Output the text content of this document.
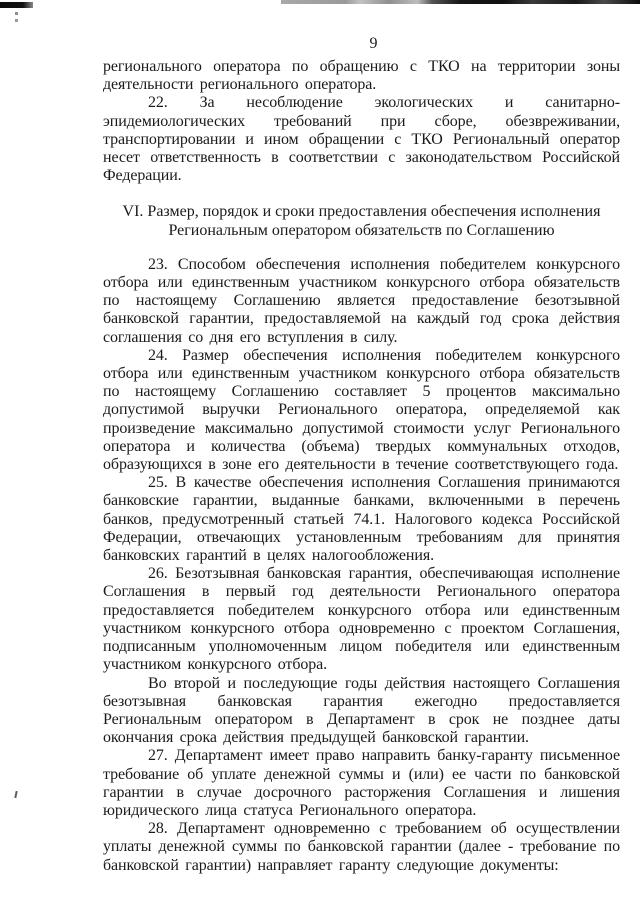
9

регионального оператора по обращению с ТКО на территории зоны деятельности регионального оператора.

22. За несоблюдение экологических и санитарно-эпидемиологических требований при сборе, обезвреживании, транспортировании и ином обращении с ТКО Региональный оператор несет ответственность в соответствии с законодательством Российской Федерации.

VI. Размер, порядок и сроки предоставления обеспечения исполнения Региональным оператором обязательств по Соглашению

23. Способом обеспечения исполнения победителем конкурсного отбора или единственным участником конкурсного отбора обязательств по настоящему Соглашению является предоставление безотзывной банковской гарантии, предоставляемой на каждый год срока действия соглашения со дня его вступления в силу.

24. Размер обеспечения исполнения победителем конкурсного отбора или единственным участником конкурсного отбора обязательств по настоящему Соглашению составляет 5 процентов максимально допустимой выручки Регионального оператора, определяемой как произведение максимально допустимой стоимости услуг Регионального оператора и количества (объема) твердых коммунальных отходов, образующихся в зоне его деятельности в течение соответствующего года.

25. В качестве обеспечения исполнения Соглашения принимаются банковские гарантии, выданные банками, включенными в перечень банков, предусмотренный статьей 74.1. Налогового кодекса Российской Федерации, отвечающих установленным требованиям для принятия банковских гарантий в целях налогообложения.

26. Безотзывная банковская гарантия, обеспечивающая исполнение Соглашения в первый год деятельности Регионального оператора предоставляется победителем конкурсного отбора или единственным участником конкурсного отбора одновременно с проектом Соглашения, подписанным уполномоченным лицом победителя или единственным участником конкурсного отбора.

Во второй и последующие годы действия настоящего Соглашения безотзывная банковская гарантия ежегодно предоставляется Региональным оператором в Департамент в срок не позднее даты окончания срока действия предыдущей банковской гарантии.

27. Департамент имеет право направить банку-гаранту письменное требование об уплате денежной суммы и (или) ее части по банковской гарантии в случае досрочного расторжения Соглашения и лишения юридического лица статуса Регионального оператора.

28. Департамент одновременно с требованием об осуществлении уплаты денежной суммы по банковской гарантии (далее - требование по банковской гарантии) направляет гаранту следующие документы:
